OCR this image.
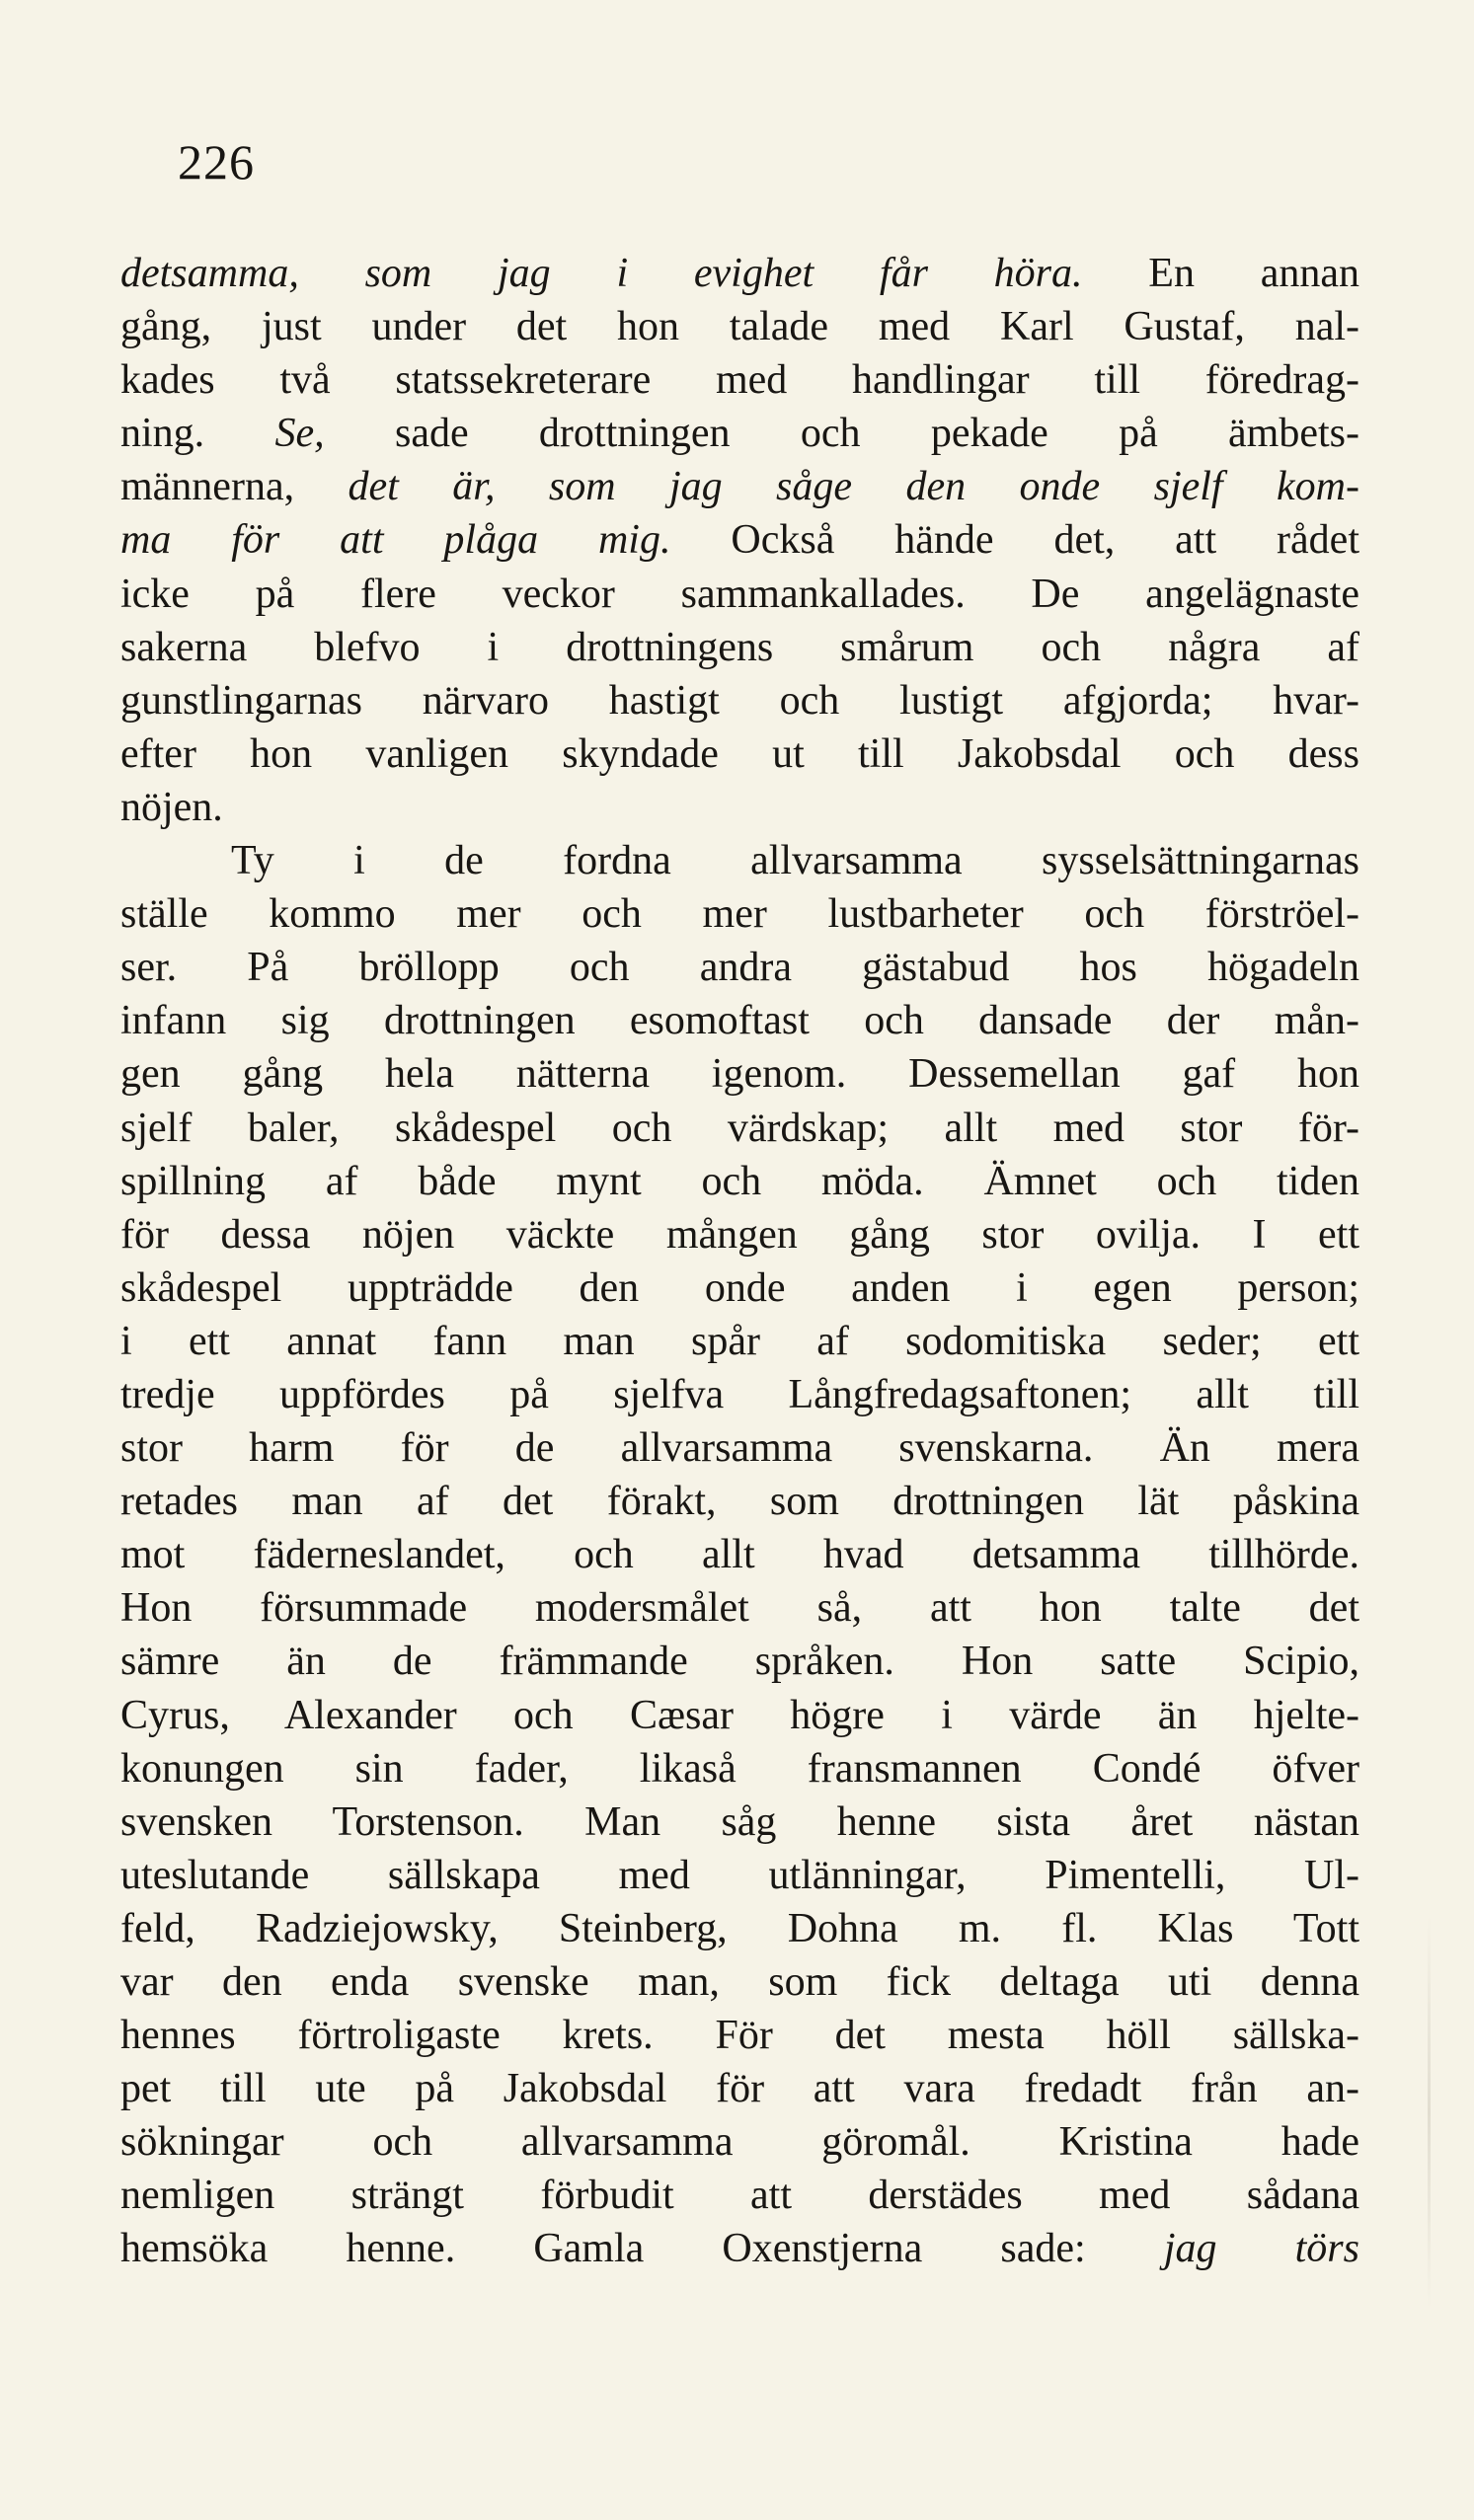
226
detsamma, som jag i evighet får höra. En annan
gång, just under det hon talade med Karl Gustaf, nal-
kades två statssekreterare med handlingar till föredrag-
ning. Se, sade drottningen och pekade på ämbets-
männerna, det är, som jag såge den onde sjelf kom-
ma för att plåga mig. Också hände det, att rådet
icke på flere veckor sammankallades. De angelägnaste
sakerna blefvo i drottningens smårum och några af
gunstlingarnas närvaro hastigt och lustigt afgjorda; hvar-
efter hon vanligen skyndade ut till Jakobsdal och dess
nöjen.
Ty i de fordna allvarsamma sysselsättningarnas
ställe kommo mer och mer lustbarheter och förströel-
ser. På bröllopp och andra gästabud hos högadeln
infann sig drottningen esomoftast och dansade der mån-
gen gång hela nätterna igenom. Dessemellan gaf hon
sjelf baler, skådespel och värdskap; allt med stor för-
spillning af både mynt och möda. Ämnet och tiden
för dessa nöjen väckte mången gång stor ovilja. I ett
skådespel uppträdde den onde anden i egen person;
i ett annat fann man spår af sodomitiska seder; ett
tredje uppfördes på sjelfva Långfredagsaftonen; allt till
stor harm för de allvarsamma svenskarna. Än mera
retades man af det förakt, som drottningen lät påskina
mot fäderneslandet, och allt hvad detsamma tillhörde.
Hon försummade modersmålet så, att hon talte det
sämre än de främmande språken. Hon satte Scipio,
Cyrus, Alexander och Cæsar högre i värde än hjelte-
konungen sin fader, likaså fransmannen Condé öfver
svensken Torstenson. Man såg henne sista året nästan
uteslutande sällskapa med utlänningar, Pimentelli, Ul-
feld, Radziejowsky, Steinberg, Dohna m. fl. Klas Tott
var den enda svenske man, som fick deltaga uti denna
hennes förtroligaste krets. För det mesta höll sällska-
pet till ute på Jakobsdal för att vara fredadt från an-
sökningar och allvarsamma göromål. Kristina hade
nemligen strängt förbudit att derstädes med sådana
hemsöka henne. Gamla Oxenstjerna sade: jag törs
